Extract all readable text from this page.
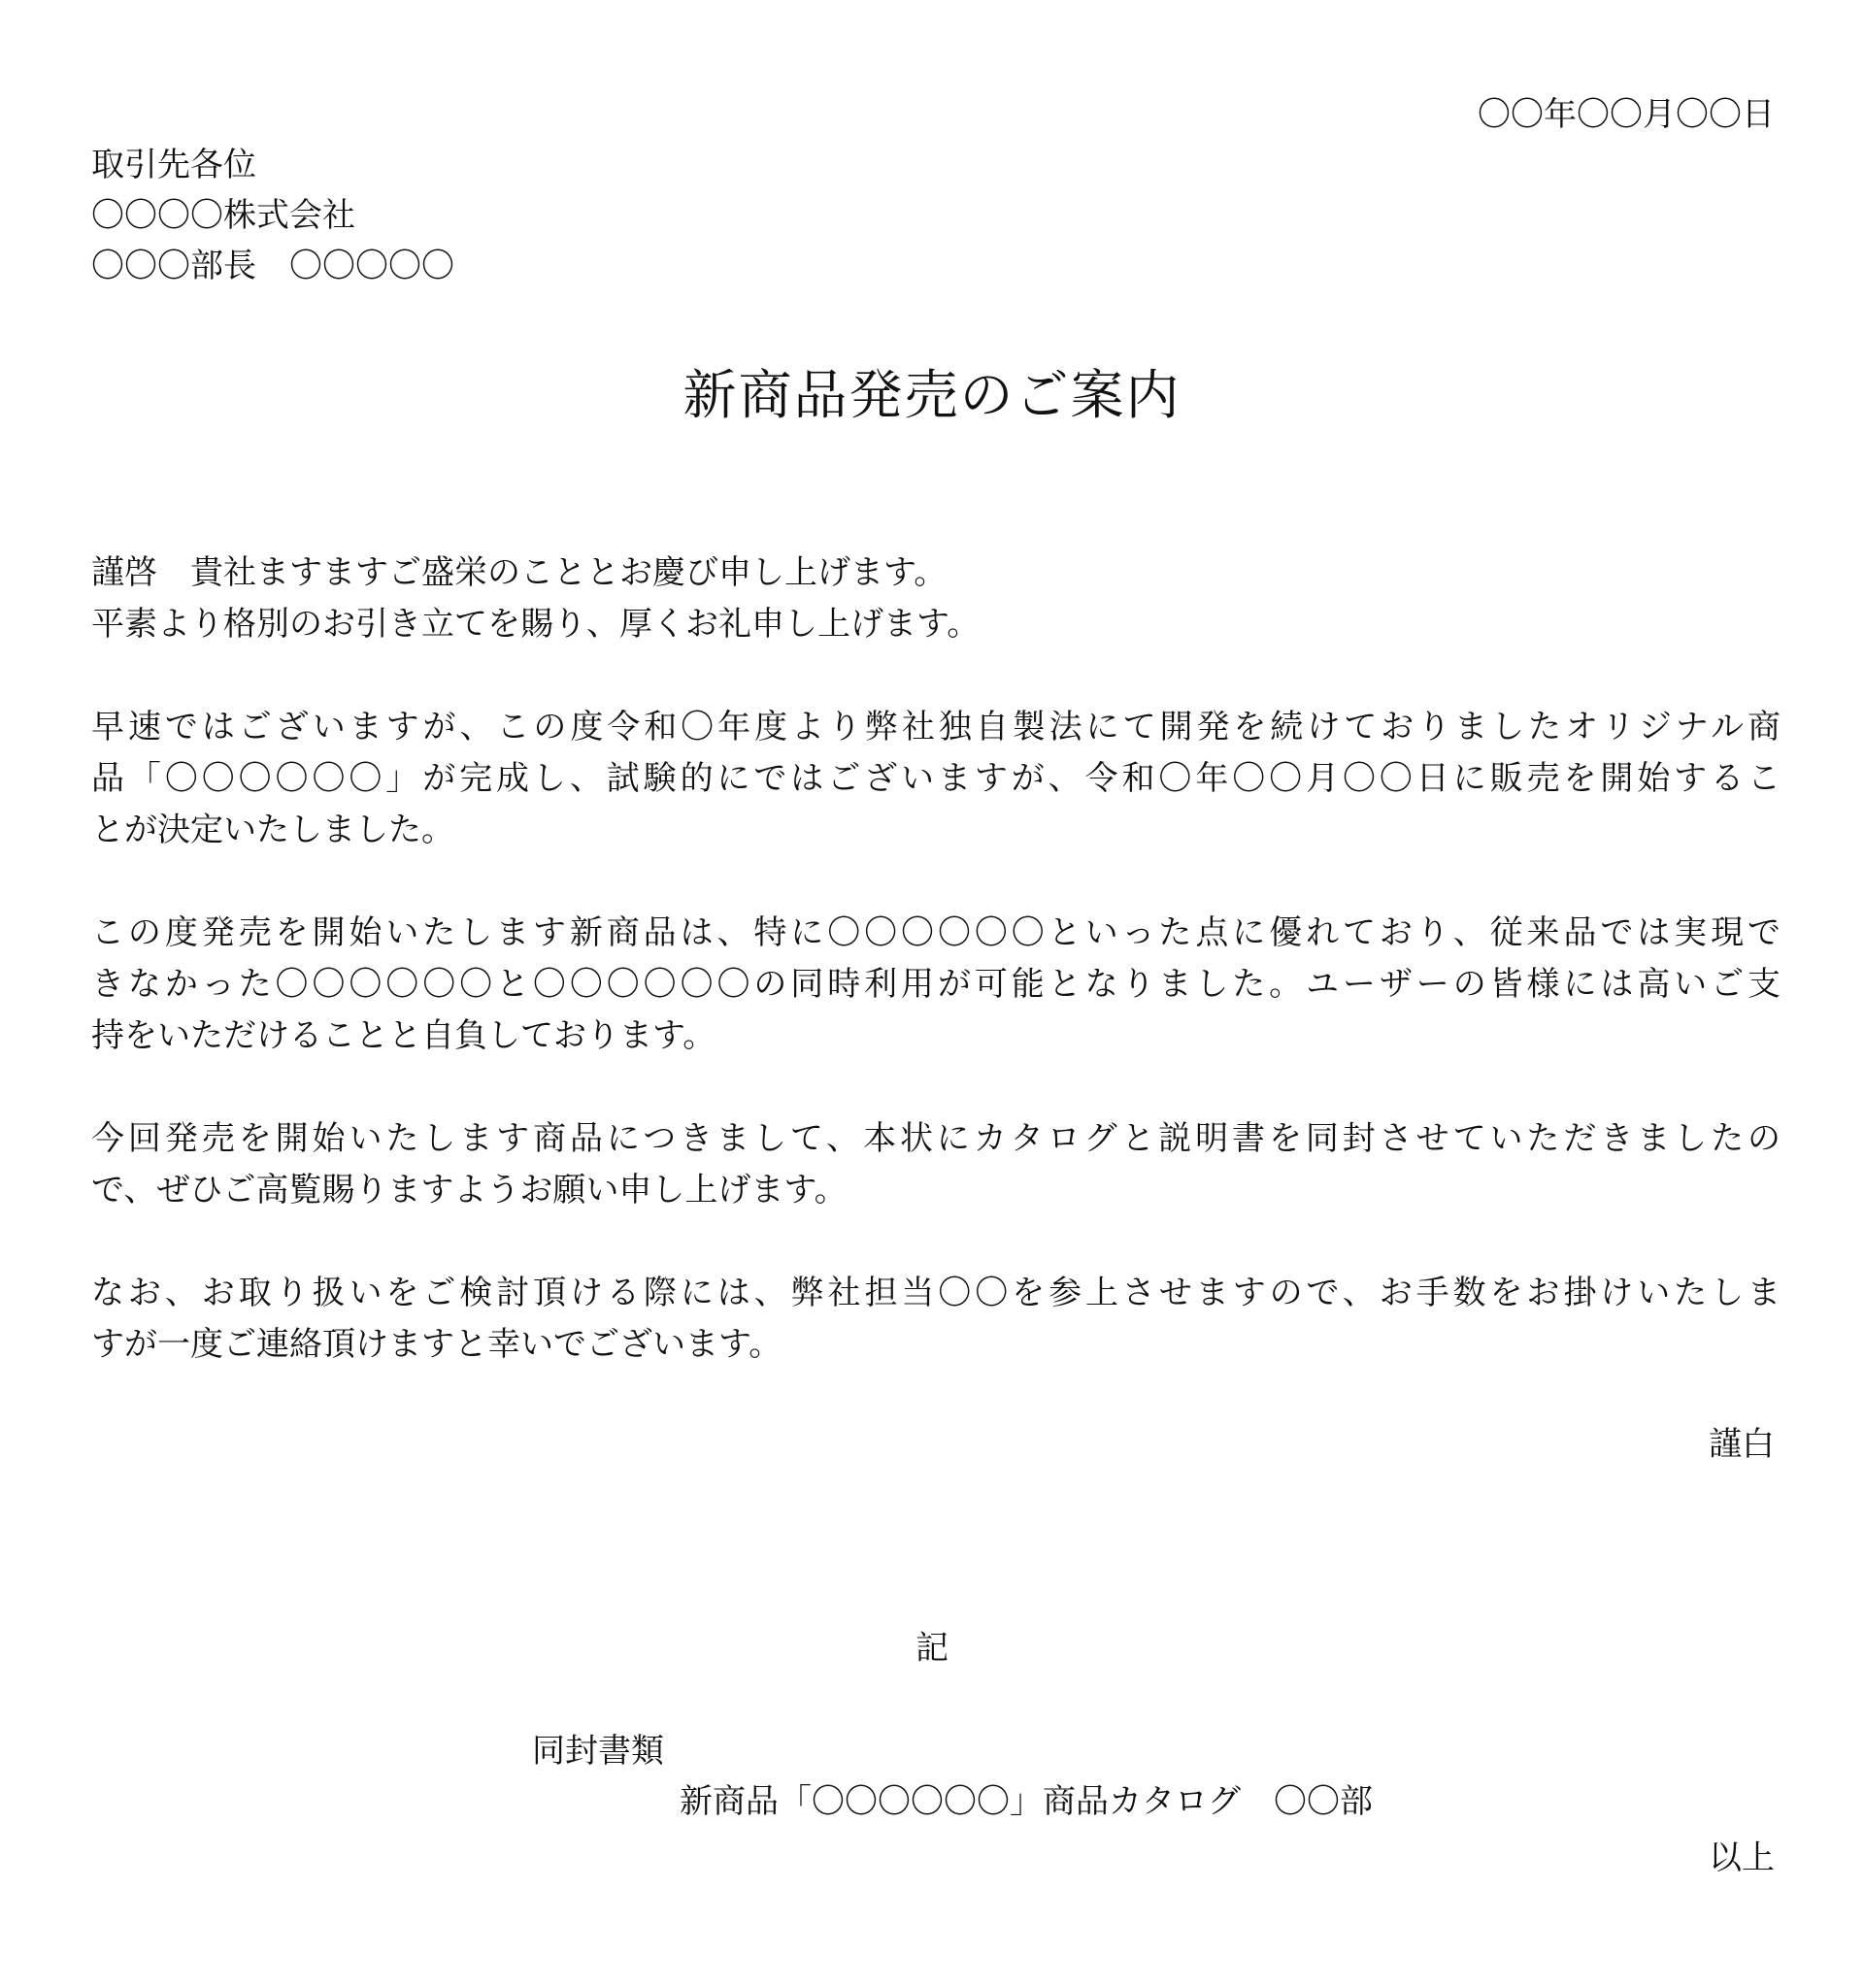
〇〇年〇〇月〇〇日
取引先各位
〇〇〇〇株式会社
〇〇〇部長　〇〇〇〇〇
新商品発売のご案内
謹啓　貴社ますますご盛栄のこととお慶び申し上げます。
平素より格別のお引き立てを賜り、厚くお礼申し上げます。
早速ではございますが、この度令和〇年度より弊社独自製法にて開発を続けておりましたオリジナル商
品「〇〇〇〇〇〇」が完成し、試験的にではございますが、令和〇年〇〇月〇〇日に販売を開始するこ
とが決定いたしました。
この度発売を開始いたします新商品は、特に〇〇〇〇〇〇といった点に優れており、従来品では実現で
きなかった〇〇〇〇〇〇と〇〇〇〇〇〇の同時利用が可能となりました。ユーザーの皆様には高いご支
持をいただけることと自負しております。
今回発売を開始いたします商品につきまして、本状にカタログと説明書を同封させていただきましたの
で、ぜひご高覧賜りますようお願い申し上げます。
なお、お取り扱いをご検討頂ける際には、弊社担当〇〇を参上させますので、お手数をお掛けいたしま
すが一度ご連絡頂けますと幸いでございます。
謹白
記
同封書類
新商品「〇〇〇〇〇〇」商品カタログ　〇〇部
以上
